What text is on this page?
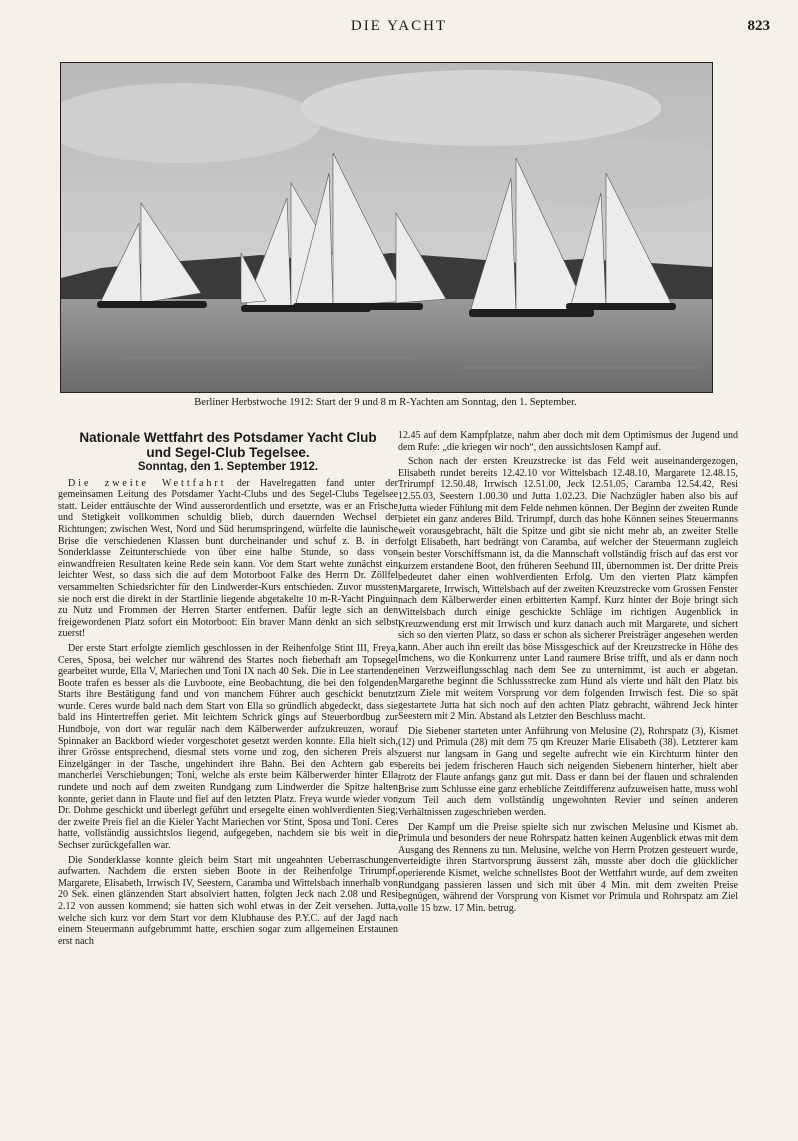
DIE YACHT	823
Berliner Herbstwoche 1912: Start der 9 und 8 m R-Yachten am Sonntag, den 1. September.
Nationale Wettfahrt des Potsdamer Yacht Club
und Segel-Club Tegelsee.
Sonntag, den 1. September 1912.

Die zweite Wettfahrt der Havelregatten fand unter der gemeinsamen Leitung des Potsdamer Yacht-Clubs und des Segel-Clubs Tegelsee statt. Leider enttäuschte der Wind ausserordentlich und ersetzte, was er an Frische und Stetigkeit vollkommen schuldig blieb, durch dauernden Wechsel der Richtungen; zwischen West, Nord und Süd herumspringend, würfelte die launische Brise die verschiedenen Klassen bunt durcheinander und schuf z. B. in der Sonderklasse Zeitunterschiede von über eine halbe Stunde, so dass von einwandfreien Resultaten keine Rede sein kann. Vor dem Start wehte zunächst ein leichter West, so dass sich die auf dem Motorboot Falke des Herrn Dr. Zöllfel versammelten Schiedsrichter für den Lindwerder-Kurs entschieden. Zuvor mussten sie noch erst die direkt in der Startlinie liegende abgetakelte 10 m-R-Yacht Pinguin zu Nutz und Frommen der Herren Starter entfernen. Dafür legte sich an den freigewordenen Platz sofort ein Motorboot: Ein braver Mann denkt an sich selbst zuerst!

Der erste Start erfolgte ziemlich geschlossen in der Reihenfolge Stint III, Freya, Ceres, Sposa, bei welcher nur während des Startes noch fieberhaft am Topsegel gearbeitet wurde, Ella V, Mariechen und Toni IX nach 40 Sek. Die in Lee startenden Boote trafen es besser als die Luvboote, eine Beobachtung, die bei den folgenden Starts ihre Bestätigung fand und von manchem Führer auch geschickt benutzt wurde. Ceres wurde bald nach dem Start von Ella so gründlich abgedeckt, dass sie bald ins Hintertreffen geriet. Mit leichtem Schrick gings auf Steuerbordbug zur Hundboje, von dort war regulär nach dem Kälberwerder aufzukreuzen, worauf Spinnaker an Backbord wieder vorgeschotet gesetzt werden konnte. Ella hielt sich, ihrer Grösse entsprechend, diesmal stets vorne und zog, den sicheren Preis als Einzelgänger in der Tasche, ungehindert ihre Bahn. Bei den Achtern gab es mancherlei Verschiebungen; Toni, welche als erste beim Kälberwerder hinter Ella rundete und noch auf dem zweiten Rundgang zum Lindwerder die Spitze halten konnte, geriet dann in Flaute und fiel auf den letzten Platz. Freya wurde wieder von Dr. Dohme geschickt und überlegt geführt und ersegelte einen wohlverdienten Sieg; der zweite Preis fiel an die Kieler Yacht Mariechen vor Stint, Sposa und Toni. Ceres hatte, vollständig aussichtslos liegend, aufgegeben, nachdem sie bis weit in die Sechser zurückgefallen war.

Die Sonderklasse konnte gleich beim Start mit ungeahnten Ueberraschungen aufwarten. Nachdem die ersten sieben Boote in der Reihenfolge Trirumpf, Margarete, Elisabeth, Irrwisch IV, Seestern, Caramba und Wittelsbach innerhalb von 20 Sek. einen glänzenden Start absolviert hatten, folgten Jeck nach 2.08 und Resi 2.12 von aussen kommend; sie hatten sich wohl etwas in der Zeit versehen. Jutta, welche sich kurz vor dem Start vor dem Klubhause des P.Y.C. auf der Jagd nach einem Steuermann aufgebrummt hatte, erschien sogar zum allgemeinen Erstaunen erst nach

12.45 auf dem Kampfplatze, nahm aber doch mit dem Optimismus der Jugend und dem Rufe: „die kriegen wir noch“, den aussichtslosen Kampf auf.

Schon nach der ersten Kreuzstrecke ist das Feld weit auseinandergezogen, Elisabeth rundet bereits 12.42.10 vor Wittelsbach 12.48.10, Margarete 12.48.15, Trirumpf 12.50.48, Irrwisch 12.51.00, Jeck 12.51.05, Caramba 12.54.42, Resi 12.55.03, Seestern 1.00.30 und Jutta 1.02.23. Die Nachzügler haben also bis auf Jutta wieder Fühlung mit dem Felde nehmen können. Der Beginn der zweiten Runde bietet ein ganz anderes Bild. Trirumpf, durch das hohe Können seines Steuermanns weit vorausgebracht, hält die Spitze und gibt sie nicht mehr ab, an zweiter Stelle folgt Elisabeth, hart bedrängt von Caramba, auf welcher der Steuermann zugleich sein bester Vorschiffsmann ist, da die Mannschaft vollständig frisch auf das erst vor kurzem erstandene Boot, den früheren Seehund III, übernommen ist. Der dritte Preis bedeutet daher einen wohlverdienten Erfolg. Um den vierten Platz kämpfen Margarete, Irrwisch, Wittelsbach auf der zweiten Kreuzstrecke vom Grossen Fenster nach dem Kälberwerder einen erbitterten Kampf. Kurz hinter der Boje bringt sich Wittelsbach durch einige geschickte Schläge im richtigen Augenblick in Kreuzwendung erst mit Irrwisch und kurz danach auch mit Margarete, und sichert sich so den vierten Platz, so dass er schon als sicherer Preisträger angesehen werden kann. Aber auch ihn ereilt das böse Missgeschick auf der Kreuzstrecke in Höhe des Imchens, wo die Konkurrenz unter Land raumere Brise trifft, und als er dann noch einen Verzweiflungsschlag nach dem See zu unternimmt, ist auch er abgetan. Margarethe beginnt die Schlussstrecke zum Hund als vierte und hält den Platz bis zum Ziele mit weitem Vorsprung vor dem folgenden Irrwisch fest. Die so spät gestartete Jutta hat sich noch auf den achten Platz gebracht, während Jeck hinter Seestern mit 2 Min. Abstand als Letzter den Beschluss macht.

Die Siebener starteten unter Anführung von Melusine (2), Rohrspatz (3), Kismet (12) und Primula (28) mit dem 75 qm Kreuzer Marie Elisabeth (38). Letzterer kam zuerst nur langsam in Gang und segelte aufrecht wie ein Kirchturm hinter den bereits bei jedem frischeren Hauch sich neigenden Siebenern hinterher, hielt aber trotz der Flaute anfangs ganz gut mit. Dass er dann bei der flauen und schralenden Brise zum Schlusse eine ganz erhebliche Zeitdifferenz aufzuweisen hatte, muss wohl zum Teil auch dem vollständig ungewohnten Revier und seinen anderen Verhältnissen zugeschrieben werden.

Der Kampf um die Preise spielte sich nur zwischen Melusine und Kismet ab. Primula und besonders der neue Rohrspatz hatten keinen Augenblick etwas mit dem Ausgang des Rennens zu tun. Melusine, welche von Herrn Protzen gesteuert wurde, verteidigte ihren Startvorsprung äusserst zäh, musste aber doch die glücklicher operierende Kismet, welche schnellstes Boot der Wettfahrt wurde, auf dem zweiten Rundgang passieren lassen und sich mit über 4 Min. mit dem zweiten Preise begnügen, während der Vorsprung von Kismet vor Primula und Rohrspatz am Ziel volle 15 bzw. 17 Min. betrug.
